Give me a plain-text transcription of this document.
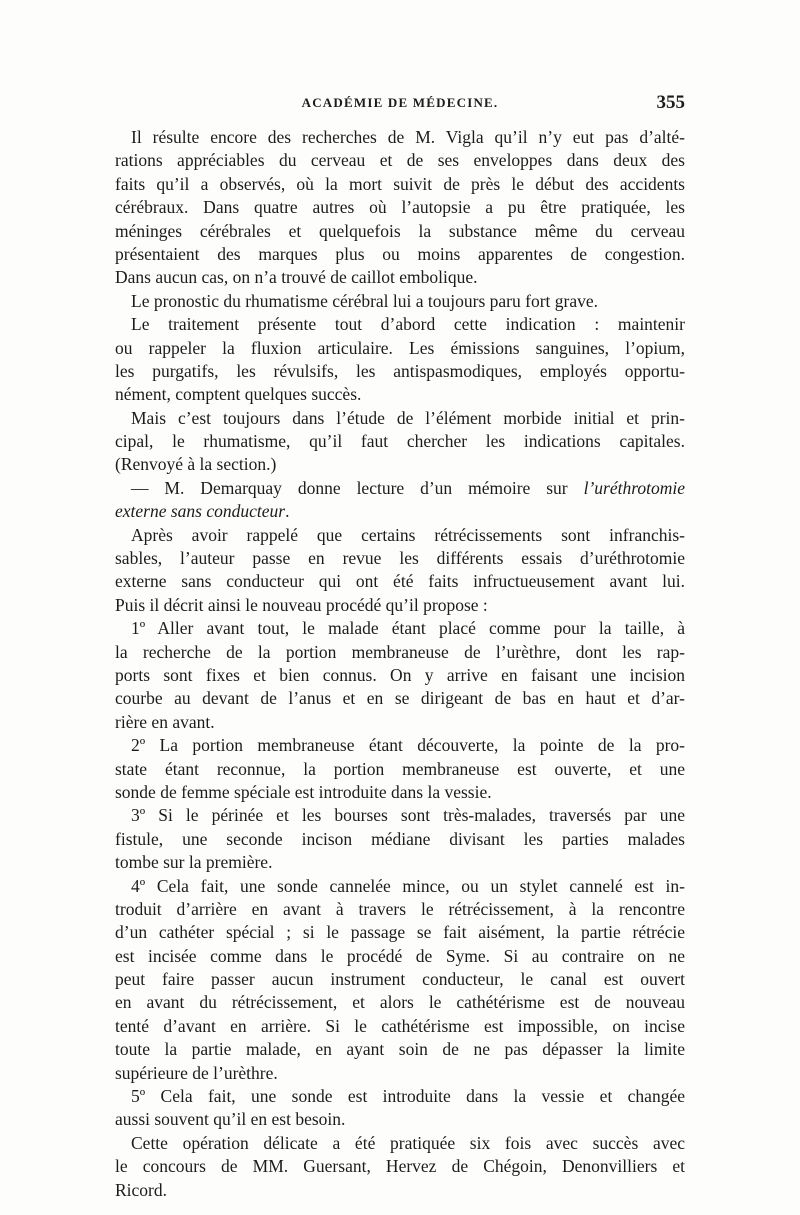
ACADÉMIE DE MÉDECINE.	355
Il résulte encore des recherches de M. Vigla qu’il n’y eut pas d’alté-
rations appréciables du cerveau et de ses enveloppes dans deux des
faits qu’il a observés, où la mort suivit de près le début des accidents
cérébraux. Dans quatre autres où l’autopsie a pu être pratiquée, les
méninges cérébrales et quelquefois la substance même du cerveau
présentaient des marques plus ou moins apparentes de congestion.
Dans aucun cas, on n’a trouvé de caillot embolique.
Le pronostic du rhumatisme cérébral lui a toujours paru fort grave.
Le traitement présente tout d’abord cette indication : maintenir
ou rappeler la fluxion articulaire. Les émissions sanguines, l’opium,
les purgatifs, les révulsifs, les antispasmodiques, employés opportu-
nément, comptent quelques succès.
Mais c’est toujours dans l’étude de l’élément morbide initial et prin-
cipal, le rhumatisme, qu’il faut chercher les indications capitales.
(Renvoyé à la section.)
— M. Demarquay donne lecture d’un mémoire sur l’uréthrotomie
externe sans conducteur.
Après avoir rappelé que certains rétrécissements sont infranchis-
sables, l’auteur passe en revue les différents essais d’uréthrotomie
externe sans conducteur qui ont été faits infructueusement avant lui.
Puis il décrit ainsi le nouveau procédé qu’il propose :
1º Aller avant tout, le malade étant placé comme pour la taille, à
la recherche de la portion membraneuse de l’urèthre, dont les rap-
ports sont fixes et bien connus. On y arrive en faisant une incision
courbe au devant de l’anus et en se dirigeant de bas en haut et d’ar-
rière en avant.
2º La portion membraneuse étant découverte, la pointe de la pro-
state étant reconnue, la portion membraneuse est ouverte, et une
sonde de femme spéciale est introduite dans la vessie.
3º Si le périnée et les bourses sont très-malades, traversés par une
fistule, une seconde incison médiane divisant les parties malades
tombe sur la première.
4º Cela fait, une sonde cannelée mince, ou un stylet cannelé est in-
troduit d’arrière en avant à travers le rétrécissement, à la rencontre
d’un cathéter spécial ; si le passage se fait aisément, la partie rétrécie
est incisée comme dans le procédé de Syme. Si au contraire on ne
peut faire passer aucun instrument conducteur, le canal est ouvert
en avant du rétrécissement, et alors le cathétérisme est de nouveau
tenté d’avant en arrière. Si le cathétérisme est impossible, on incise
toute la partie malade, en ayant soin de ne pas dépasser la limite
supérieure de l’urèthre.
5º Cela fait, une sonde est introduite dans la vessie et changée
aussi souvent qu’il en est besoin.
Cette opération délicate a été pratiquée six fois avec succès avec
le concours de MM. Guersant, Hervez de Chégoin, Denonvilliers et
Ricord.
